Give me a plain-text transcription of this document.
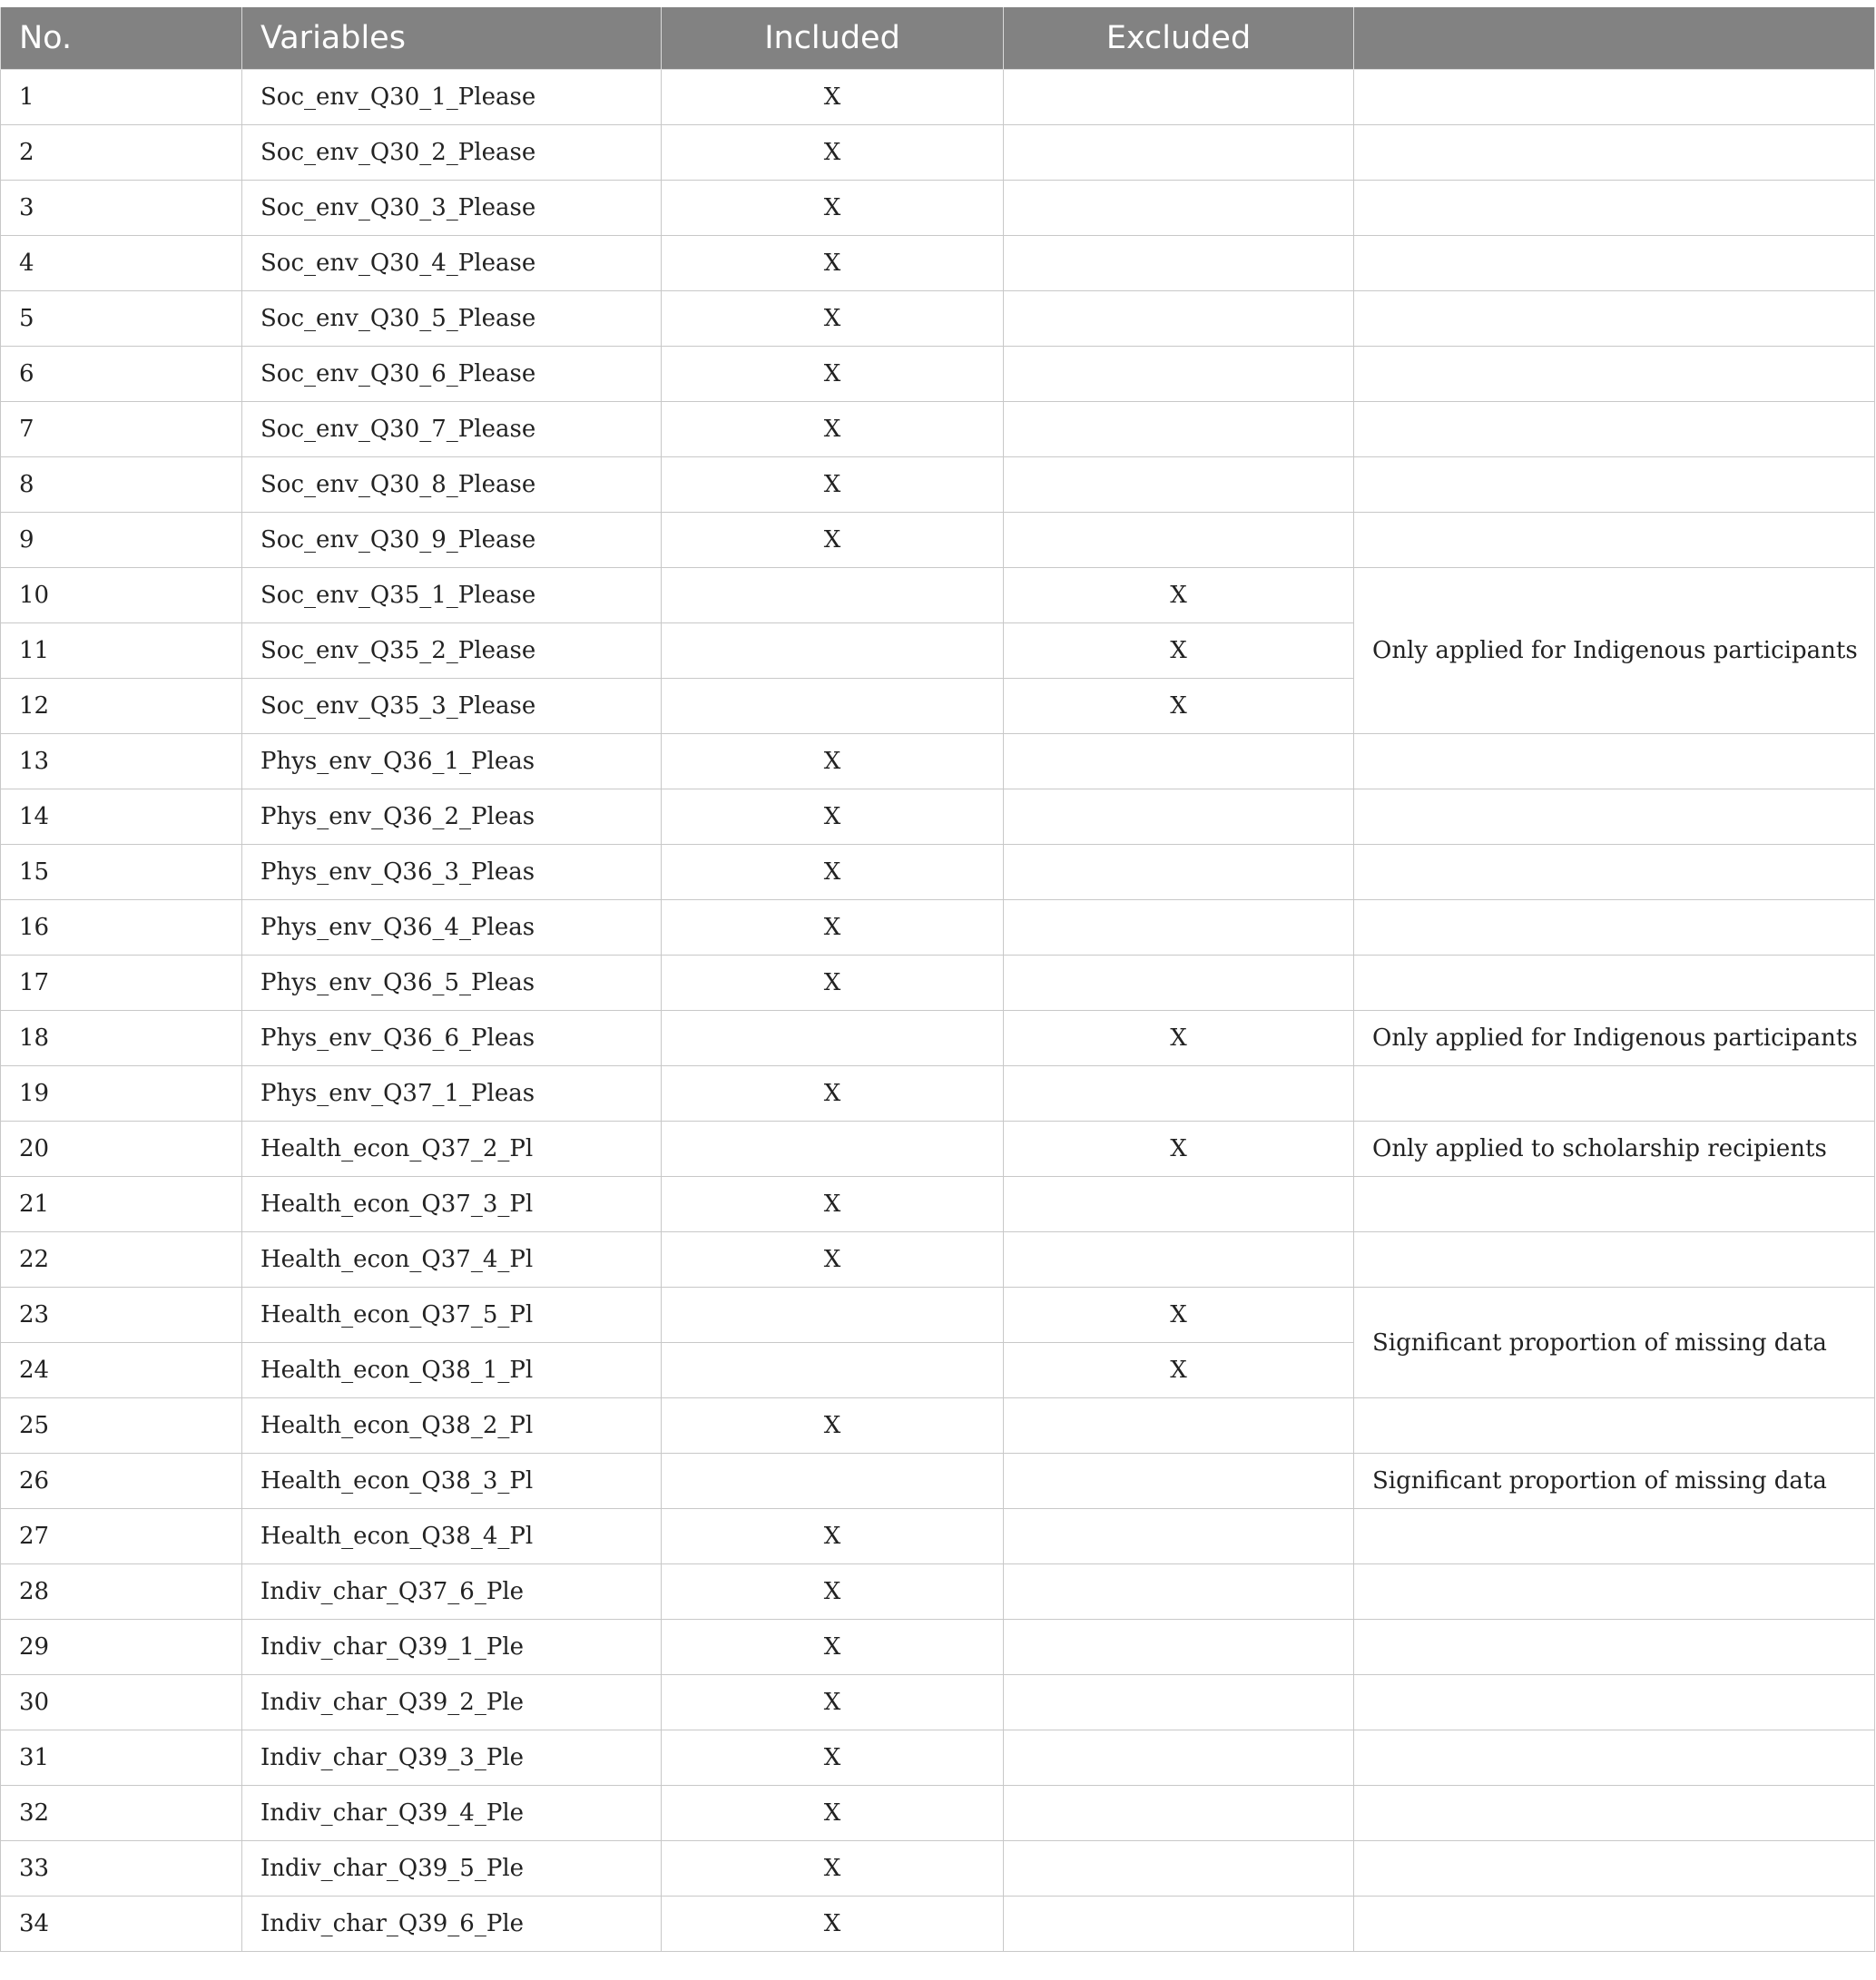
No.	Variables	Included	Excluded	
1	Soc_env_Q30_1_Please	X		
2	Soc_env_Q30_2_Please	X		
3	Soc_env_Q30_3_Please	X		
4	Soc_env_Q30_4_Please	X		
5	Soc_env_Q30_5_Please	X		
6	Soc_env_Q30_6_Please	X		
7	Soc_env_Q30_7_Please	X		
8	Soc_env_Q30_8_Please	X		
9	Soc_env_Q30_9_Please	X		
10	Soc_env_Q35_1_Please		X	Only applied for Indigenous participants
11	Soc_env_Q35_2_Please		X	
12	Soc_env_Q35_3_Please		X	
13	Phys_env_Q36_1_Pleas	X		
14	Phys_env_Q36_2_Pleas	X		
15	Phys_env_Q36_3_Pleas	X		
16	Phys_env_Q36_4_Pleas	X		
17	Phys_env_Q36_5_Pleas	X		
18	Phys_env_Q36_6_Pleas		X	Only applied for Indigenous participants
19	Phys_env_Q37_1_Pleas	X		
20	Health_econ_Q37_2_Pl		X	Only applied to scholarship recipients
21	Health_econ_Q37_3_Pl	X		
22	Health_econ_Q37_4_Pl	X		
23	Health_econ_Q37_5_Pl		X	Significant proportion of missing data
24	Health_econ_Q38_1_Pl		X	
25	Health_econ_Q38_2_Pl	X		
26	Health_econ_Q38_3_Pl			Significant proportion of missing data
27	Health_econ_Q38_4_Pl	X		
28	Indiv_char_Q37_6_Ple	X		
29	Indiv_char_Q39_1_Ple	X		
30	Indiv_char_Q39_2_Ple	X		
31	Indiv_char_Q39_3_Ple	X		
32	Indiv_char_Q39_4_Ple	X		
33	Indiv_char_Q39_5_Ple	X		
34	Indiv_char_Q39_6_Ple	X		
